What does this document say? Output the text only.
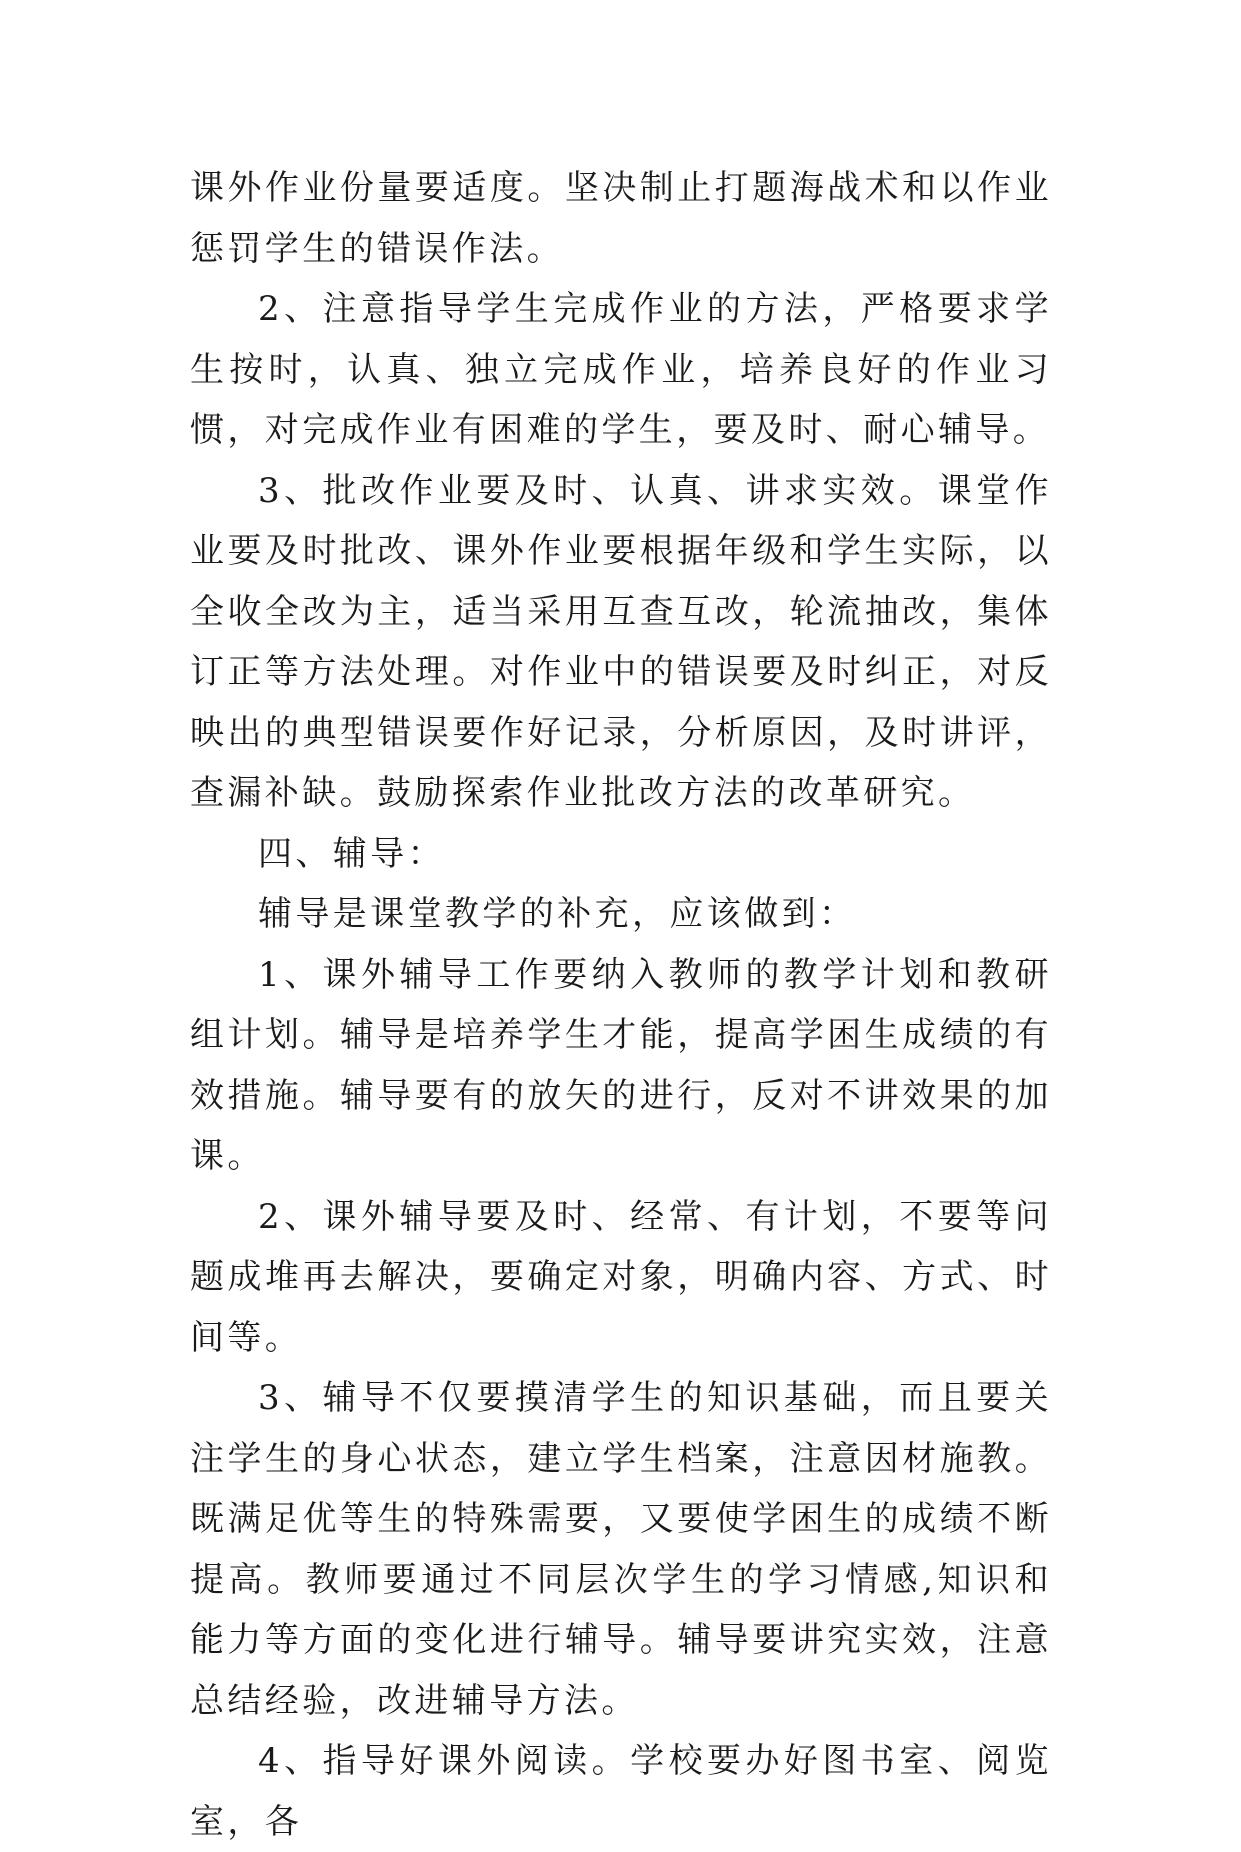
课外作业份量要适度。坚决制止打题海战术和以作业惩罚学生的错误作法。

2、注意指导学生完成作业的方法，严格要求学生按时，认真、独立完成作业，培养良好的作业习惯，对完成作业有困难的学生，要及时、耐心辅导。

3、批改作业要及时、认真、讲求实效。课堂作业要及时批改、课外作业要根据年级和学生实际，以全收全改为主，适当采用互查互改，轮流抽改，集体订正等方法处理。对作业中的错误要及时纠正，对反映出的典型错误要作好记录，分析原因，及时讲评，查漏补缺。鼓励探索作业批改方法的改革研究。

四、辅导：

辅导是课堂教学的补充，应该做到：

1、课外辅导工作要纳入教师的教学计划和教研组计划。辅导是培养学生才能，提高学困生成绩的有效措施。辅导要有的放矢的进行，反对不讲效果的加课。

2、课外辅导要及时、经常、有计划，不要等问题成堆再去解决，要确定对象，明确内容、方式、时间等。

3、辅导不仅要摸清学生的知识基础，而且要关注学生的身心状态，建立学生档案，注意因材施教。既满足优等生的特殊需要，又要使学困生的成绩不断提高。教师要通过不同层次学生的学习情感,知识和能力等方面的变化进行辅导。辅导要讲究实效，注意总结经验，改进辅导方法。

4、指导好课外阅读。学校要办好图书室、阅览室，各
